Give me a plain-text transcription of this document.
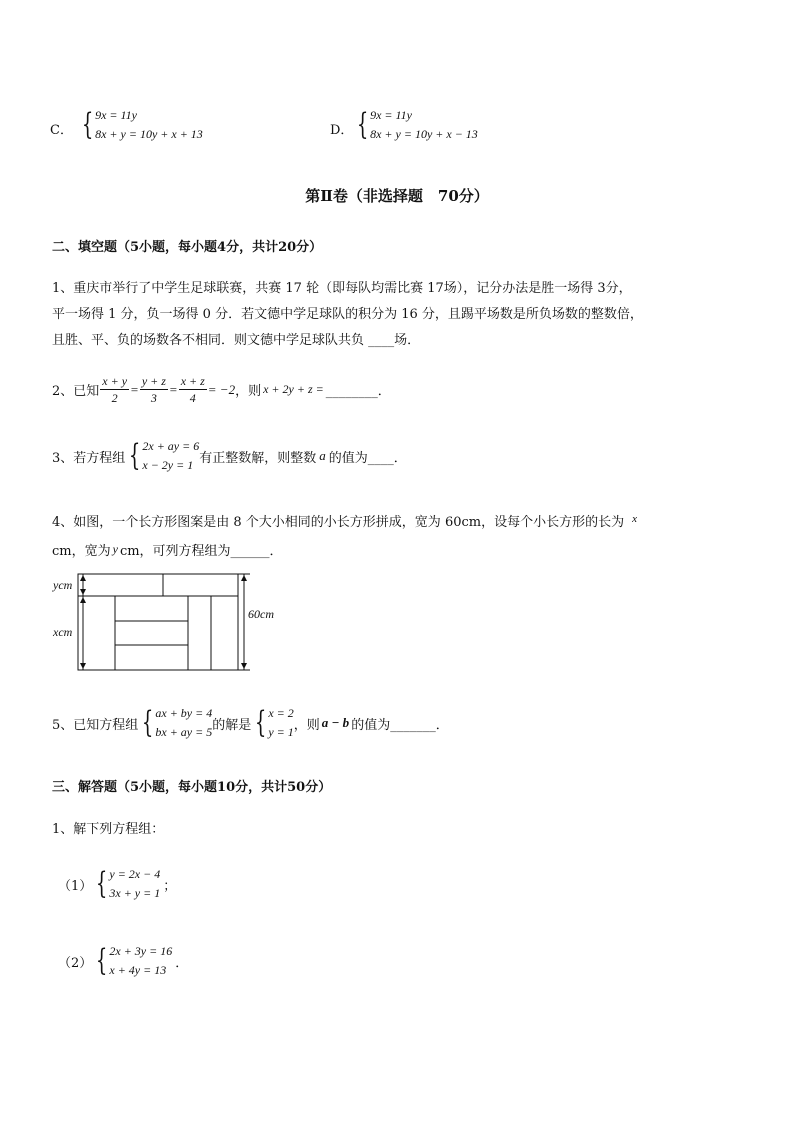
C． { 9x = 11y
8x + y = 10y + x + 13	D． { 9x = 11y
8x + y = 10y + x − 13
第Ⅱ卷（非选择题　70分）
二、填空题（5小题，每小题4分，共计20分）
1、重庆市举行了中学生足球联赛，共赛 17 轮（即每队均需比赛 17场），记分办法是胜一场得 3分，
平一场得 1 分，负一场得 0 分．若文德中学足球队的积分为 16 分，且踢平场数是所负场数的整数倍，
且胜、平、负的场数各不相同．则文德中学足球队共负 ____场．
2、已知 $\frac{x + y}{2} = \frac{y + z}{3} = \frac{x + z}{4} = -2$ ，则 x + 2y + z = ________．
3、若方程组 { 2x + ay = 6
x − 2y = 1 有正整数解，则整数 a 的值为____．
4、如图，一个长方形图案是由 8 个大小相同的小长方形拼成，宽为 60cm，设每个小长方形的长为 $^x$
cm，宽为 y cm，可列方程组为______．
ycm
xcm
60cm
5、已知方程组 { ax + by = 4
bx + ay = 5 的解是 { x = 2
y = 1 ，则 a − b 的值为_______．
三、解答题（5小题，每小题10分，共计50分）
1、解下列方程组：
（1） { y = 2x − 4
3x + y = 1 ；
（2） { 2x + 3y = 16
x + 4y = 13 ．
